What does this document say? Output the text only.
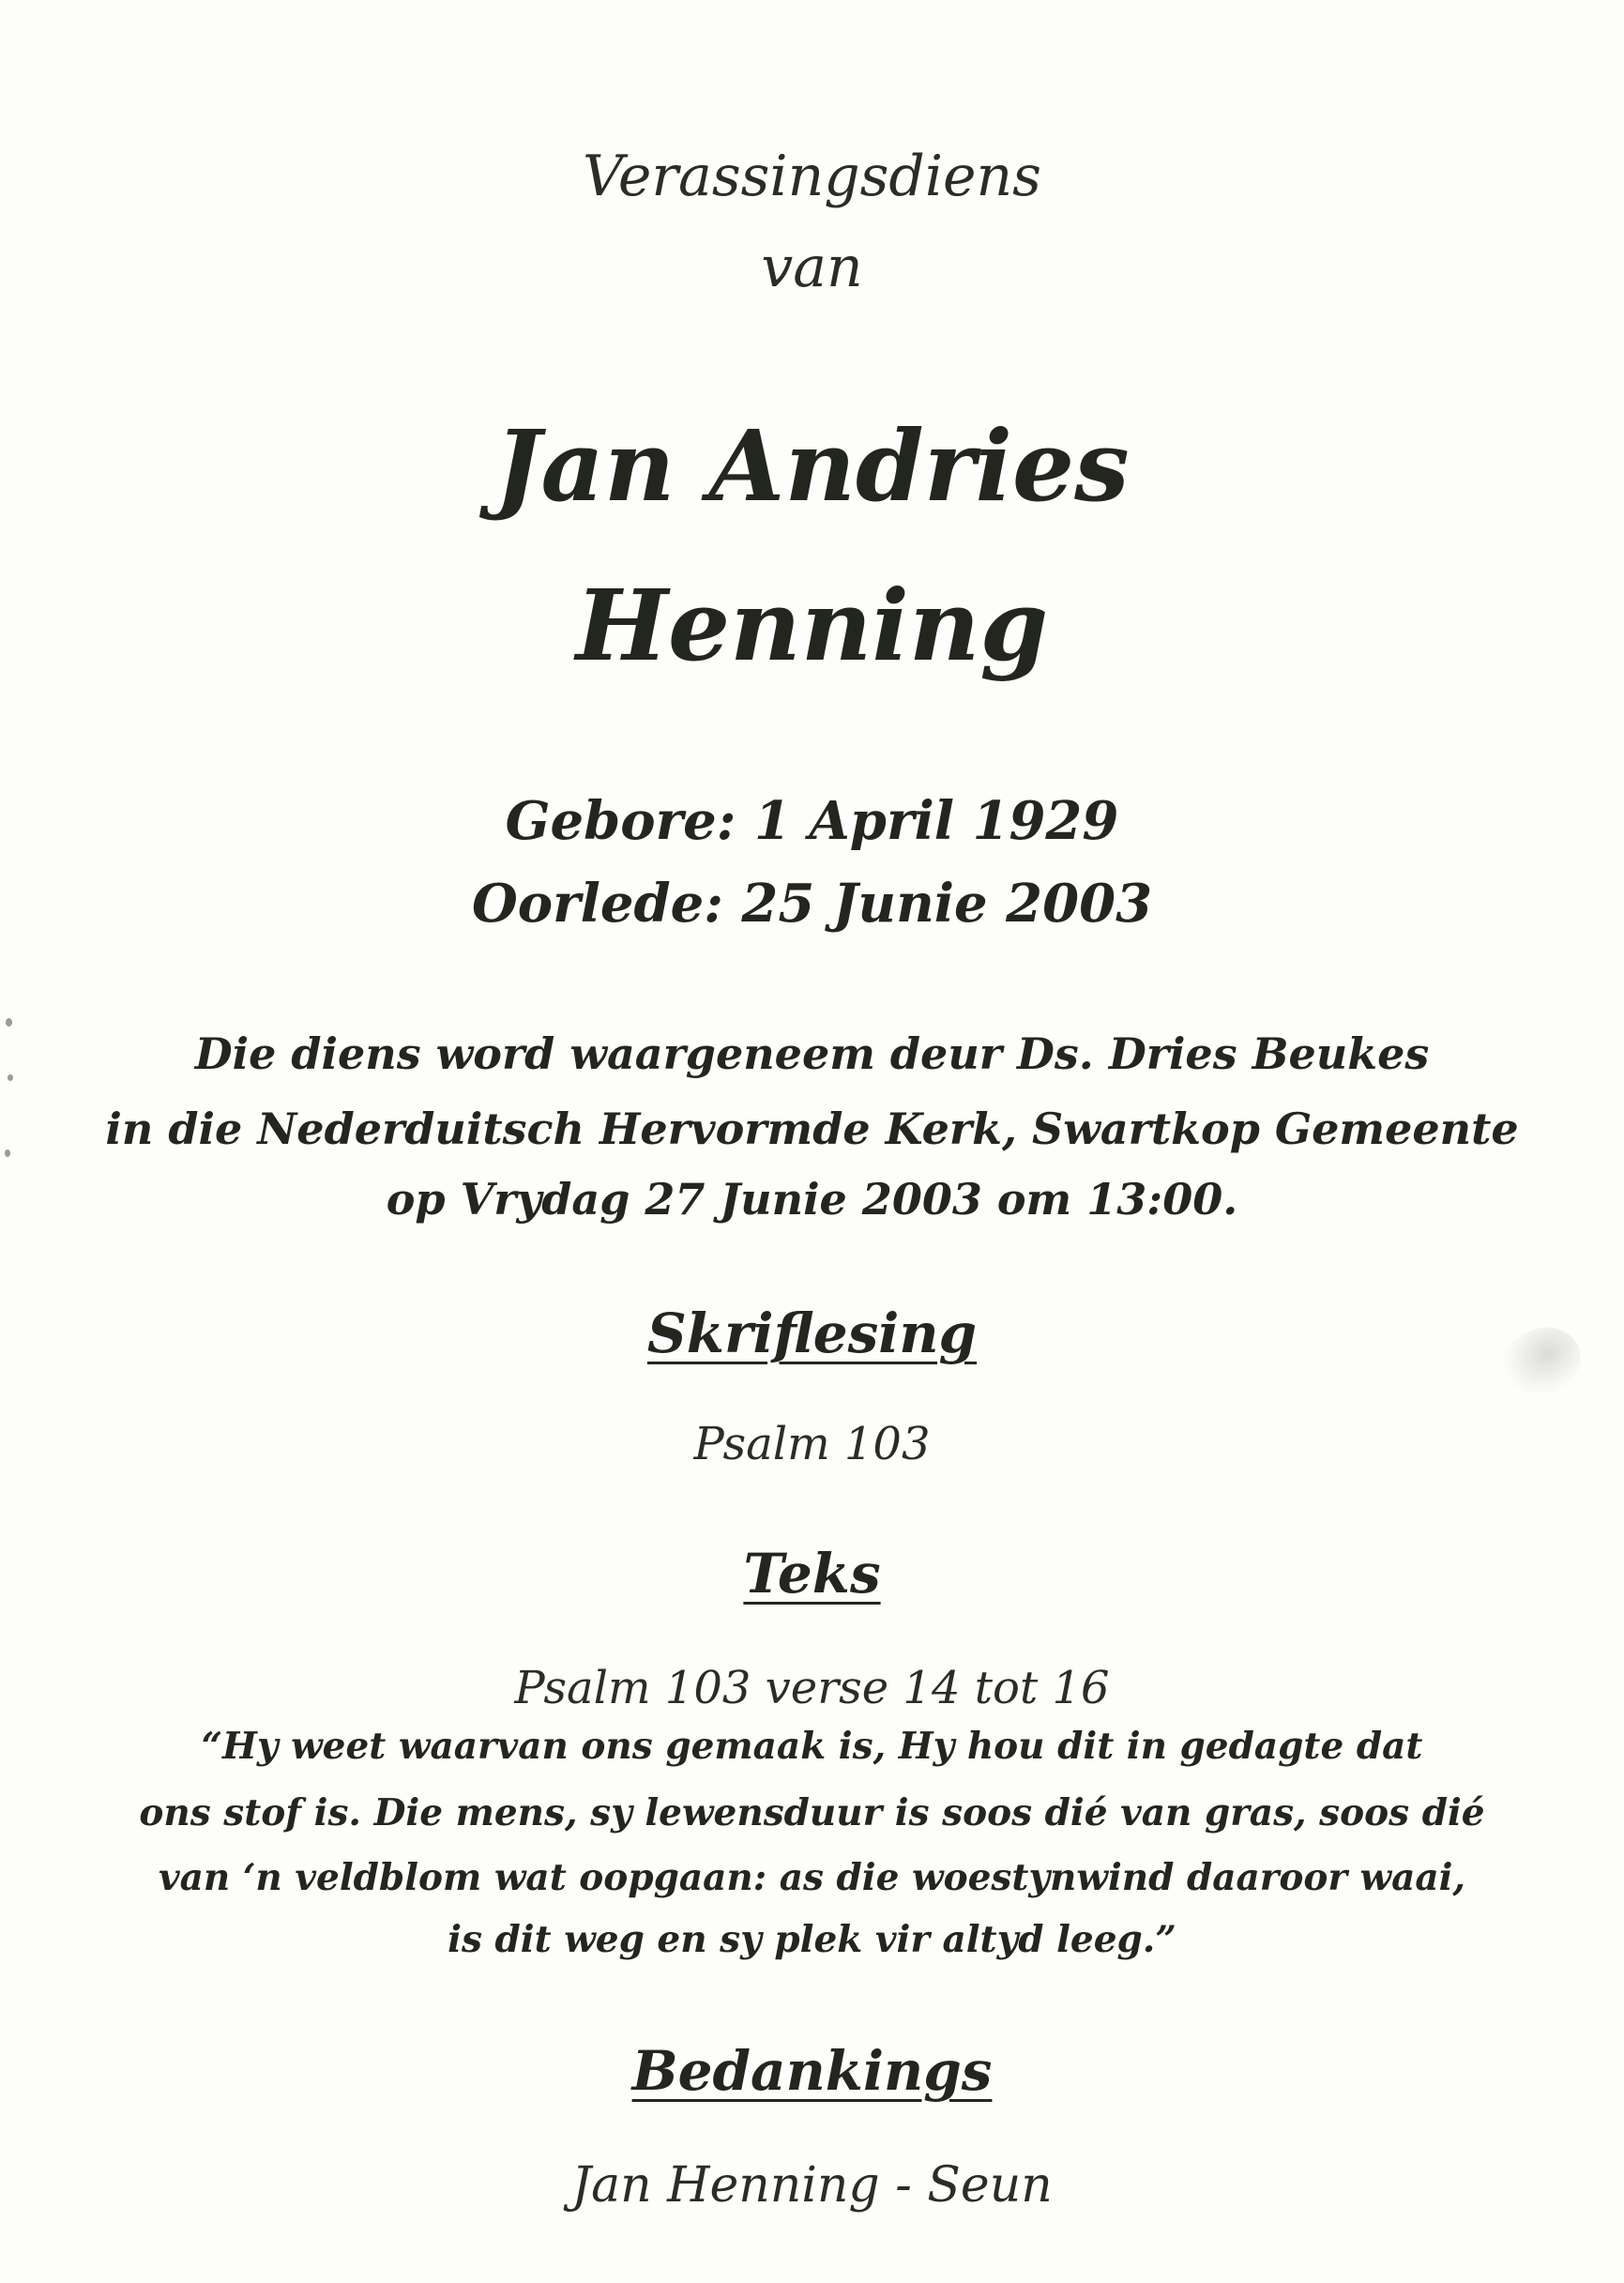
Verassingsdiens
van
Jan Andries
Henning
Gebore: 1 April 1929
Oorlede: 25 Junie 2003
Die diens word waargeneem deur Ds. Dries Beukes
in die Nederduitsch Hervormde Kerk, Swartkop Gemeente
op Vrydag 27 Junie 2003 om 13:00.
Skriflesing
Psalm 103
Teks
Psalm 103 verse 14 tot 16
“Hy weet waarvan ons gemaak is, Hy hou dit in gedagte dat
ons stof is. Die mens, sy lewensduur is soos dié van gras, soos dié
van ‘n veldblom wat oopgaan: as die woestynwind daaroor waai,
is dit weg en sy plek vir altyd leeg.”
Bedankings
Jan Henning - Seun
